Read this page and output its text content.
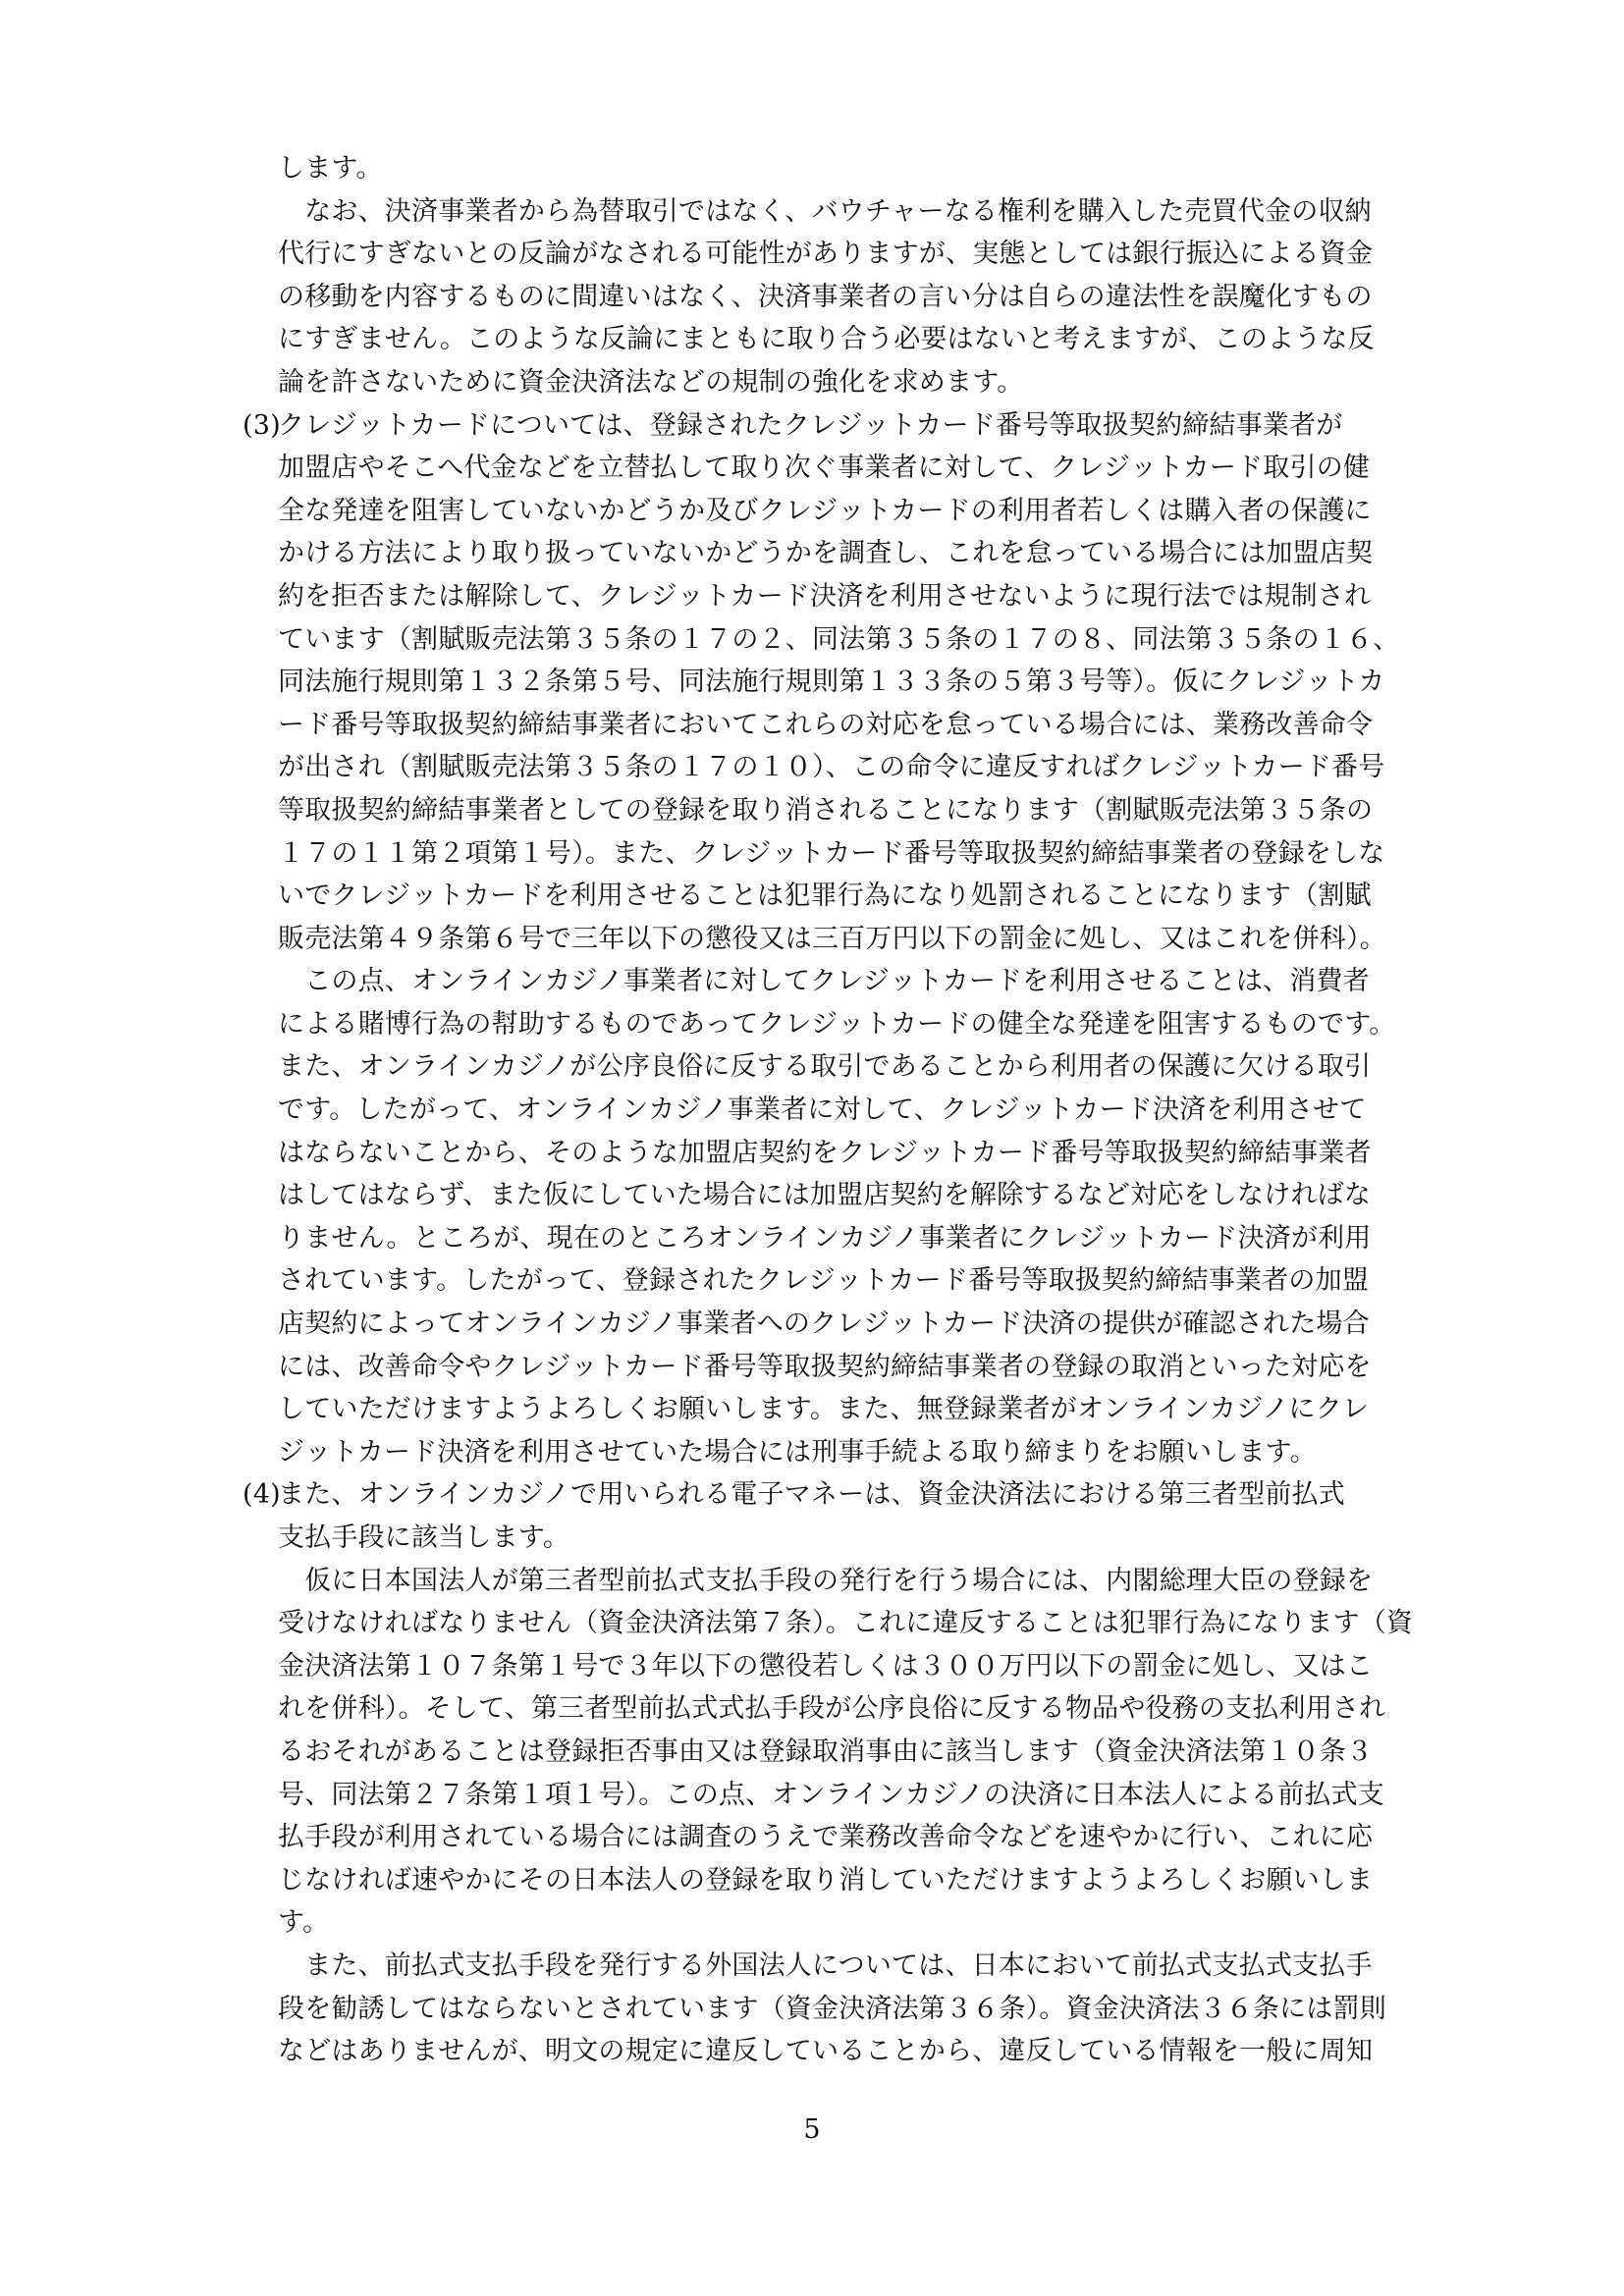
します。
　なお、決済事業者から為替取引ではなく、バウチャーなる権利を購入した売買代金の収納
代行にすぎないとの反論がなされる可能性がありますが、実態としては銀行振込による資金
の移動を内容するものに間違いはなく、決済事業者の言い分は自らの違法性を誤魔化すもの
にすぎません。このような反論にまともに取り合う必要はないと考えますが、このような反
論を許さないために資金決済法などの規制の強化を求めます。
(3)
クレジットカードについては、登録されたクレジットカード番号等取扱契約締結事業者が
加盟店やそこへ代金などを立替払して取り次ぐ事業者に対して、クレジットカード取引の健
全な発達を阻害していないかどうか及びクレジットカードの利用者若しくは購入者の保護に
かける方法により取り扱っていないかどうかを調査し、これを怠っている場合には加盟店契
約を拒否または解除して、クレジットカード決済を利用させないように現行法では規制され
ています（割賦販売法第３５条の１７の２、同法第３５条の１７の８、同法第３５条の１６、
同法施行規則第１３２条第５号、同法施行規則第１３３条の５第３号等）。仮にクレジットカ
ード番号等取扱契約締結事業者においてこれらの対応を怠っている場合には、業務改善命令
が出され（割賦販売法第３５条の１７の１０）、この命令に違反すればクレジットカード番号
等取扱契約締結事業者としての登録を取り消されることになります（割賦販売法第３５条の
１７の１１第２項第１号）。また、クレジットカード番号等取扱契約締結事業者の登録をしな
いでクレジットカードを利用させることは犯罪行為になり処罰されることになります（割賦
販売法第４９条第６号で三年以下の懲役又は三百万円以下の罰金に処し、又はこれを併科）。
　この点、オンラインカジノ事業者に対してクレジットカードを利用させることは、消費者
による賭博行為の幇助するものであってクレジットカードの健全な発達を阻害するものです。
また、オンラインカジノが公序良俗に反する取引であることから利用者の保護に欠ける取引
です。したがって、オンラインカジノ事業者に対して、クレジットカード決済を利用させて
はならないことから、そのような加盟店契約をクレジットカード番号等取扱契約締結事業者
はしてはならず、また仮にしていた場合には加盟店契約を解除するなど対応をしなければな
りません。ところが、現在のところオンラインカジノ事業者にクレジットカード決済が利用
されています。したがって、登録されたクレジットカード番号等取扱契約締結事業者の加盟
店契約によってオンラインカジノ事業者へのクレジットカード決済の提供が確認された場合
には、改善命令やクレジットカード番号等取扱契約締結事業者の登録の取消といった対応を
していただけますようよろしくお願いします。また、無登録業者がオンラインカジノにクレ
ジットカード決済を利用させていた場合には刑事手続よる取り締まりをお願いします。
(4)
また、オンラインカジノで用いられる電子マネーは、資金決済法における第三者型前払式
支払手段に該当します。
　仮に日本国法人が第三者型前払式支払手段の発行を行う場合には、内閣総理大臣の登録を
受けなければなりません（資金決済法第７条）。これに違反することは犯罪行為になります（資
金決済法第１０７条第１号で３年以下の懲役若しくは３００万円以下の罰金に処し、又はこ
れを併科）。そして、第三者型前払式式払手段が公序良俗に反する物品や役務の支払利用され
るおそれがあることは登録拒否事由又は登録取消事由に該当します（資金決済法第１０条３
号、同法第２７条第１項１号）。この点、オンラインカジノの決済に日本法人による前払式支
払手段が利用されている場合には調査のうえで業務改善命令などを速やかに行い、これに応
じなければ速やかにその日本法人の登録を取り消していただけますようよろしくお願いしま
す。
　また、前払式支払手段を発行する外国法人については、日本において前払式支払式支払手
段を勧誘してはならないとされています（資金決済法第３６条）。資金決済法３６条には罰則
などはありませんが、明文の規定に違反していることから、違反している情報を一般に周知
5
